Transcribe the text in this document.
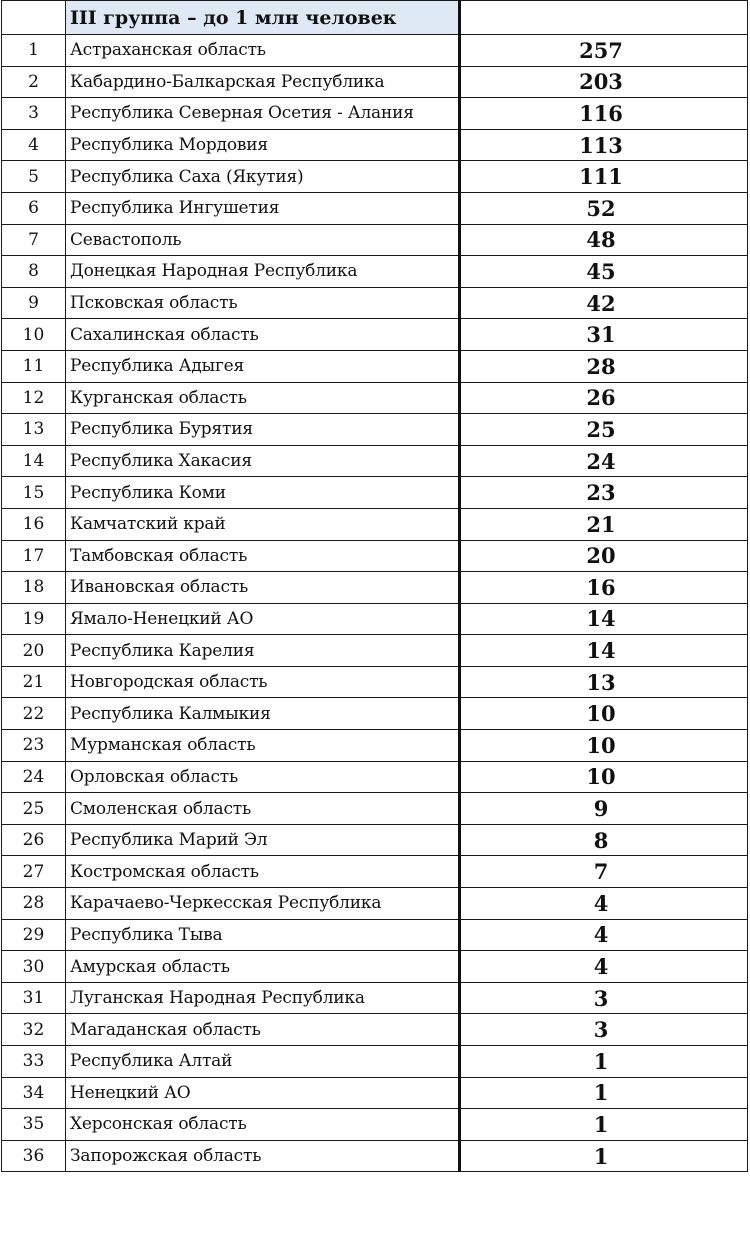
	III группа – до 1 млн человек	
1	Астраханская область	257
2	Кабардино-Балкарская Республика	203
3	Республика Северная Осетия - Алания	116
4	Республика Мордовия	113
5	Республика Саха (Якутия)	111
6	Республика Ингушетия	52
7	Севастополь	48
8	Донецкая Народная Республика	45
9	Псковская область	42
10	Сахалинская область	31
11	Республика Адыгея	28
12	Курганская область	26
13	Республика Бурятия	25
14	Республика Хакасия	24
15	Республика Коми	23
16	Камчатский край	21
17	Тамбовская область	20
18	Ивановская область	16
19	Ямало-Ненецкий АО	14
20	Республика Карелия	14
21	Новгородская область	13
22	Республика Калмыкия	10
23	Мурманская область	10
24	Орловская область	10
25	Смоленская область	9
26	Республика Марий Эл	8
27	Костромская область	7
28	Карачаево-Черкесская Республика	4
29	Республика Тыва	4
30	Амурская область	4
31	Луганская Народная Республика	3
32	Магаданская область	3
33	Республика Алтай	1
34	Ненецкий АО	1
35	Херсонская область	1
36	Запорожская область	1
